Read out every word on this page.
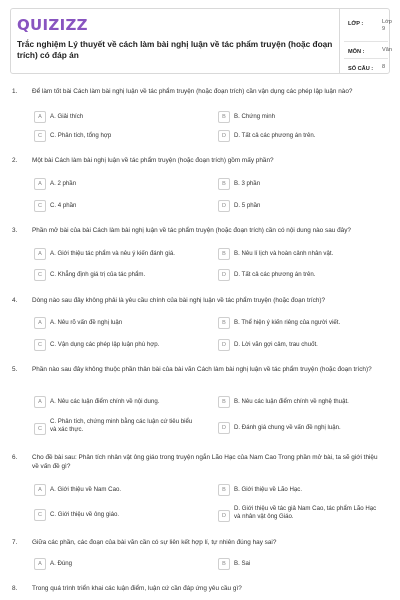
QUIZIZZ
Trắc nghiệm Lý thuyết về cách làm bài nghị luận về tác phẩm truyện (hoặc đoạn trích) có đáp án
LỚP :	Lớp 9
MÔN :	Văn
SỐ CÂU : 8
1. Để làm tốt bài Cách làm bài nghị luận về tác phẩm truyện (hoặc đoạn trích) cần vận dụng các phép lập luận nào?
A	A. Giải thích	B	B. Chứng minh
C	C. Phân tích, tổng hợp	D	D. Tất cả các phương án trên.
2. Một bài Cách làm bài nghị luận về tác phẩm truyện (hoặc đoạn trích) gồm mấy phần?
A	A. 2 phần	B	B. 3 phần
C	C. 4 phần	D	D. 5 phần
3. Phần mở bài của bài Cách làm bài nghị luận về tác phẩm truyện (hoặc đoạn trích) cần có nội dung nào sau đây?
A	A. Giới thiệu tác phẩm và nêu ý kiến đánh giá.	B	B. Nêu lí lịch và hoàn cảnh nhân vật.
C	C. Khẳng định giá trị của tác phẩm.	D	D. Tất cả các phương án trên.
4. Dòng nào sau đây không phải là yêu cầu chính của bài nghị luận về tác phẩm truyện (hoặc đoạn trích)?
A	A. Nêu rõ vấn đề nghị luận	B	B. Thể hiện ý kiến riêng của người viết.
C	C. Vận dụng các phép lập luận phù hợp.	D	D. Lời văn gợi cảm, trau chuốt.
5. Phần nào sau đây không thuộc phần thân bài của bài văn Cách làm bài nghị luận về tác phẩm truyện (hoặc đoạn trích)?
A	A. Nêu các luận điểm chính về nội dung.	B	B. Nêu các luận điểm chính về nghệ thuật.
C
C. Phân tích, chứng minh bằng các luận cứ tiêu biểu và xác thực.	D	D. Đánh giá chung về vấn đề nghị luận.
6. Cho đề bài sau: Phân tích nhân vật ông giáo trong truyện ngắn Lão Hạc của Nam Cao Trong phần mở bài, ta sẽ giới thiệu về vấn đề gì?
A	A. Giới thiệu về Nam Cao.	B	B. Giới thiệu về Lão Hạc.
C	C. Giới thiệu về ông giáo.	D
D. Giới thiệu về tác giả Nam Cao, tác phẩm Lão Hạc và nhân vật ông Giáo.
7. Giữa các phần, các đoạn của bài văn cần có sự liên kết hợp lí, tự nhiên đúng hay sai?
A	A. Đúng	B	B. Sai
8. Trong quá trình triển khai các luận điểm, luận cứ cần đáp ứng yêu cầu gì?
